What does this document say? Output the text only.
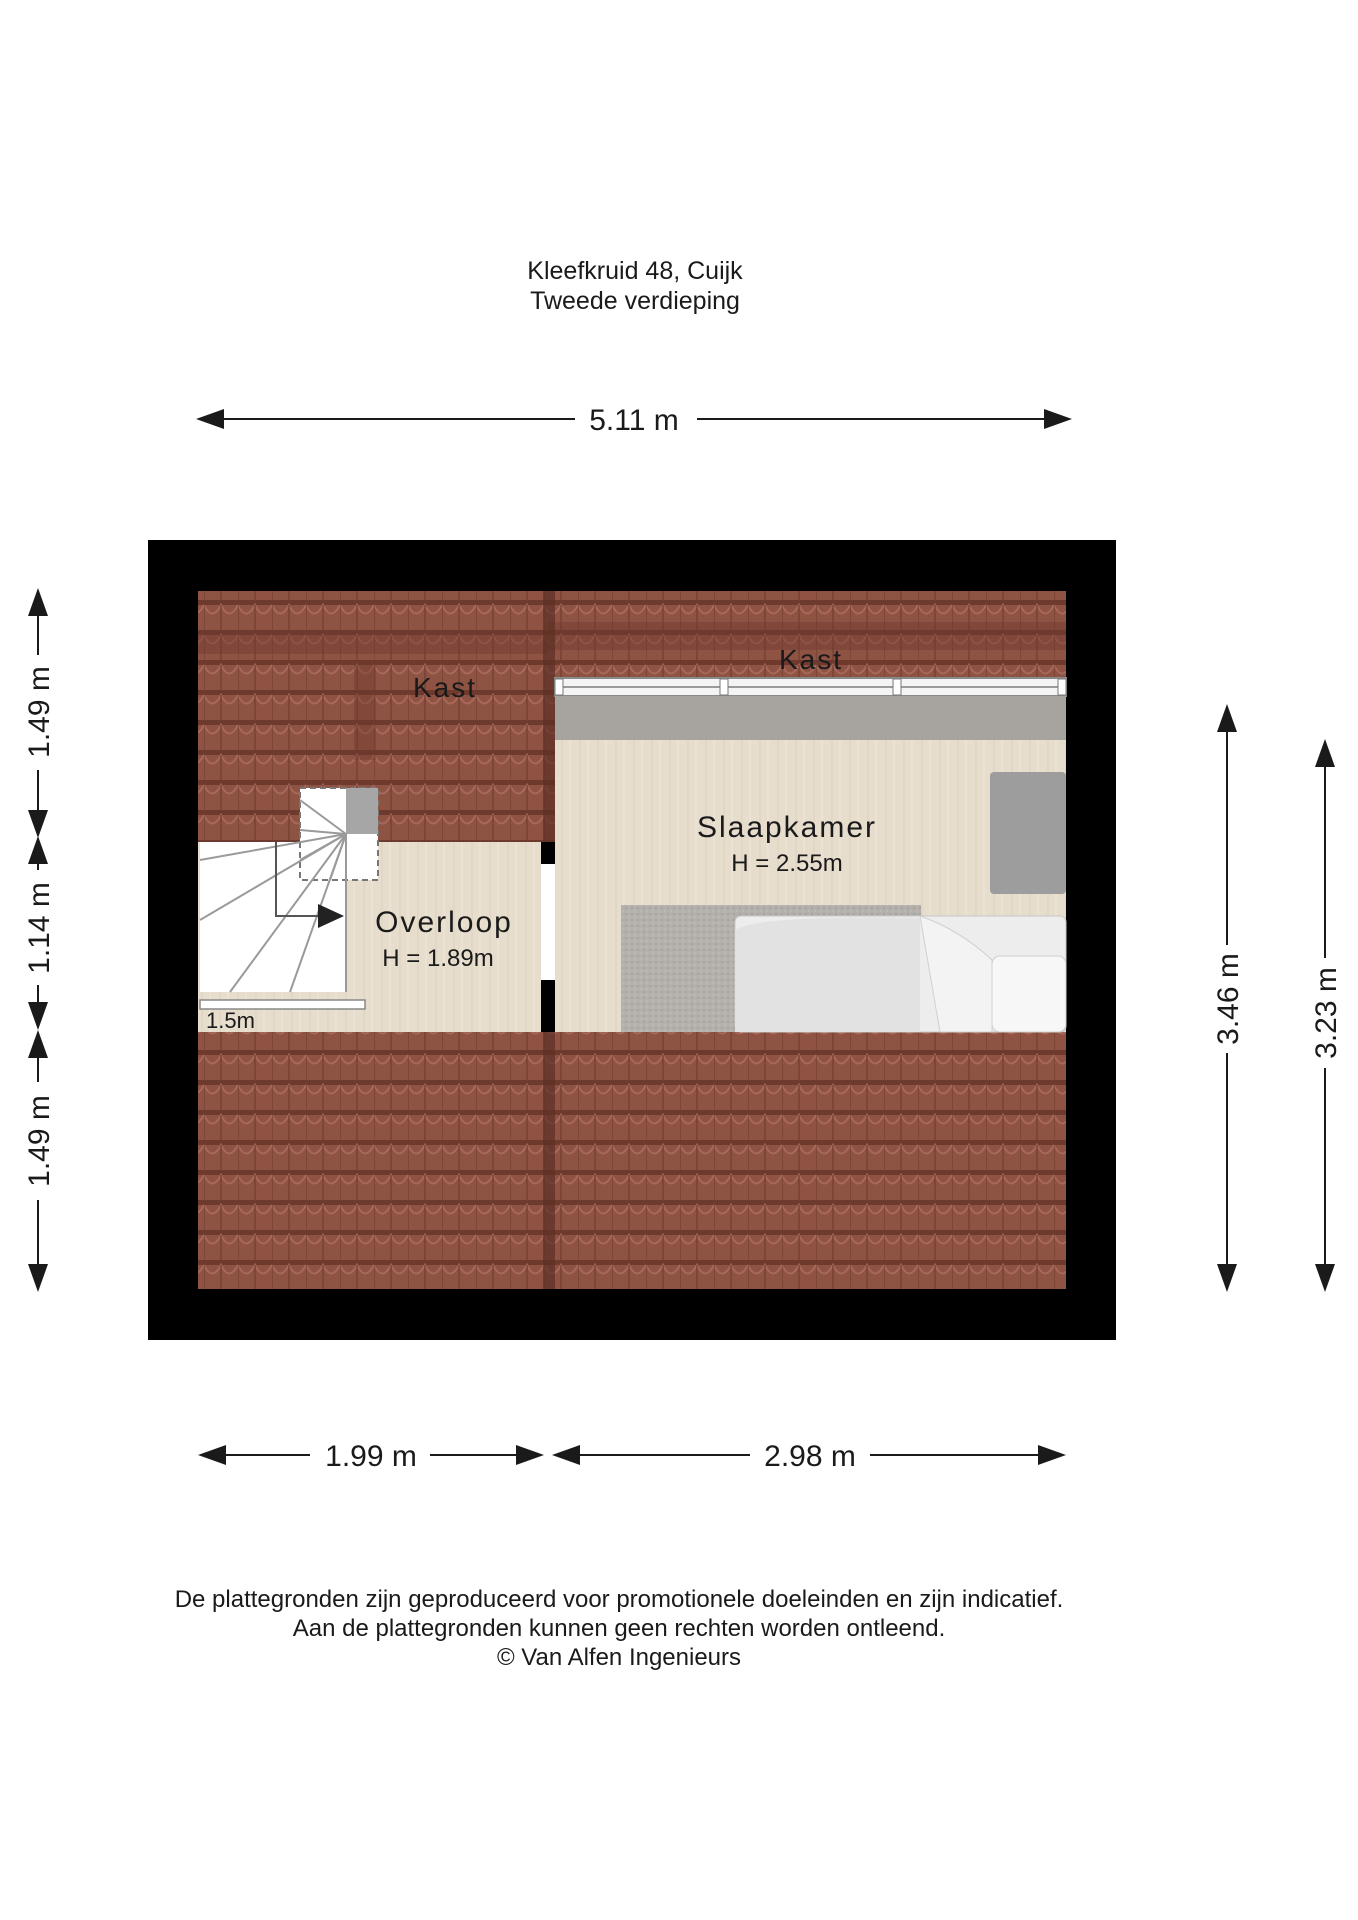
Kleefkruid 48, Cuijk
Tweede verdieping
Kast
Kast
Slaapkamer
H = 2.55m
Overloop
H = 1.89m
1.5m
5.11 m
1.99 m	2.98 m
1.49 m
1.14 m
1.49 m
3.46 m 3.23 m
De plattegronden zijn geproduceerd voor promotionele doeleinden en zijn indicatief.
Aan de plattegronden kunnen geen rechten worden ontleend.
© Van Alfen Ingenieurs
